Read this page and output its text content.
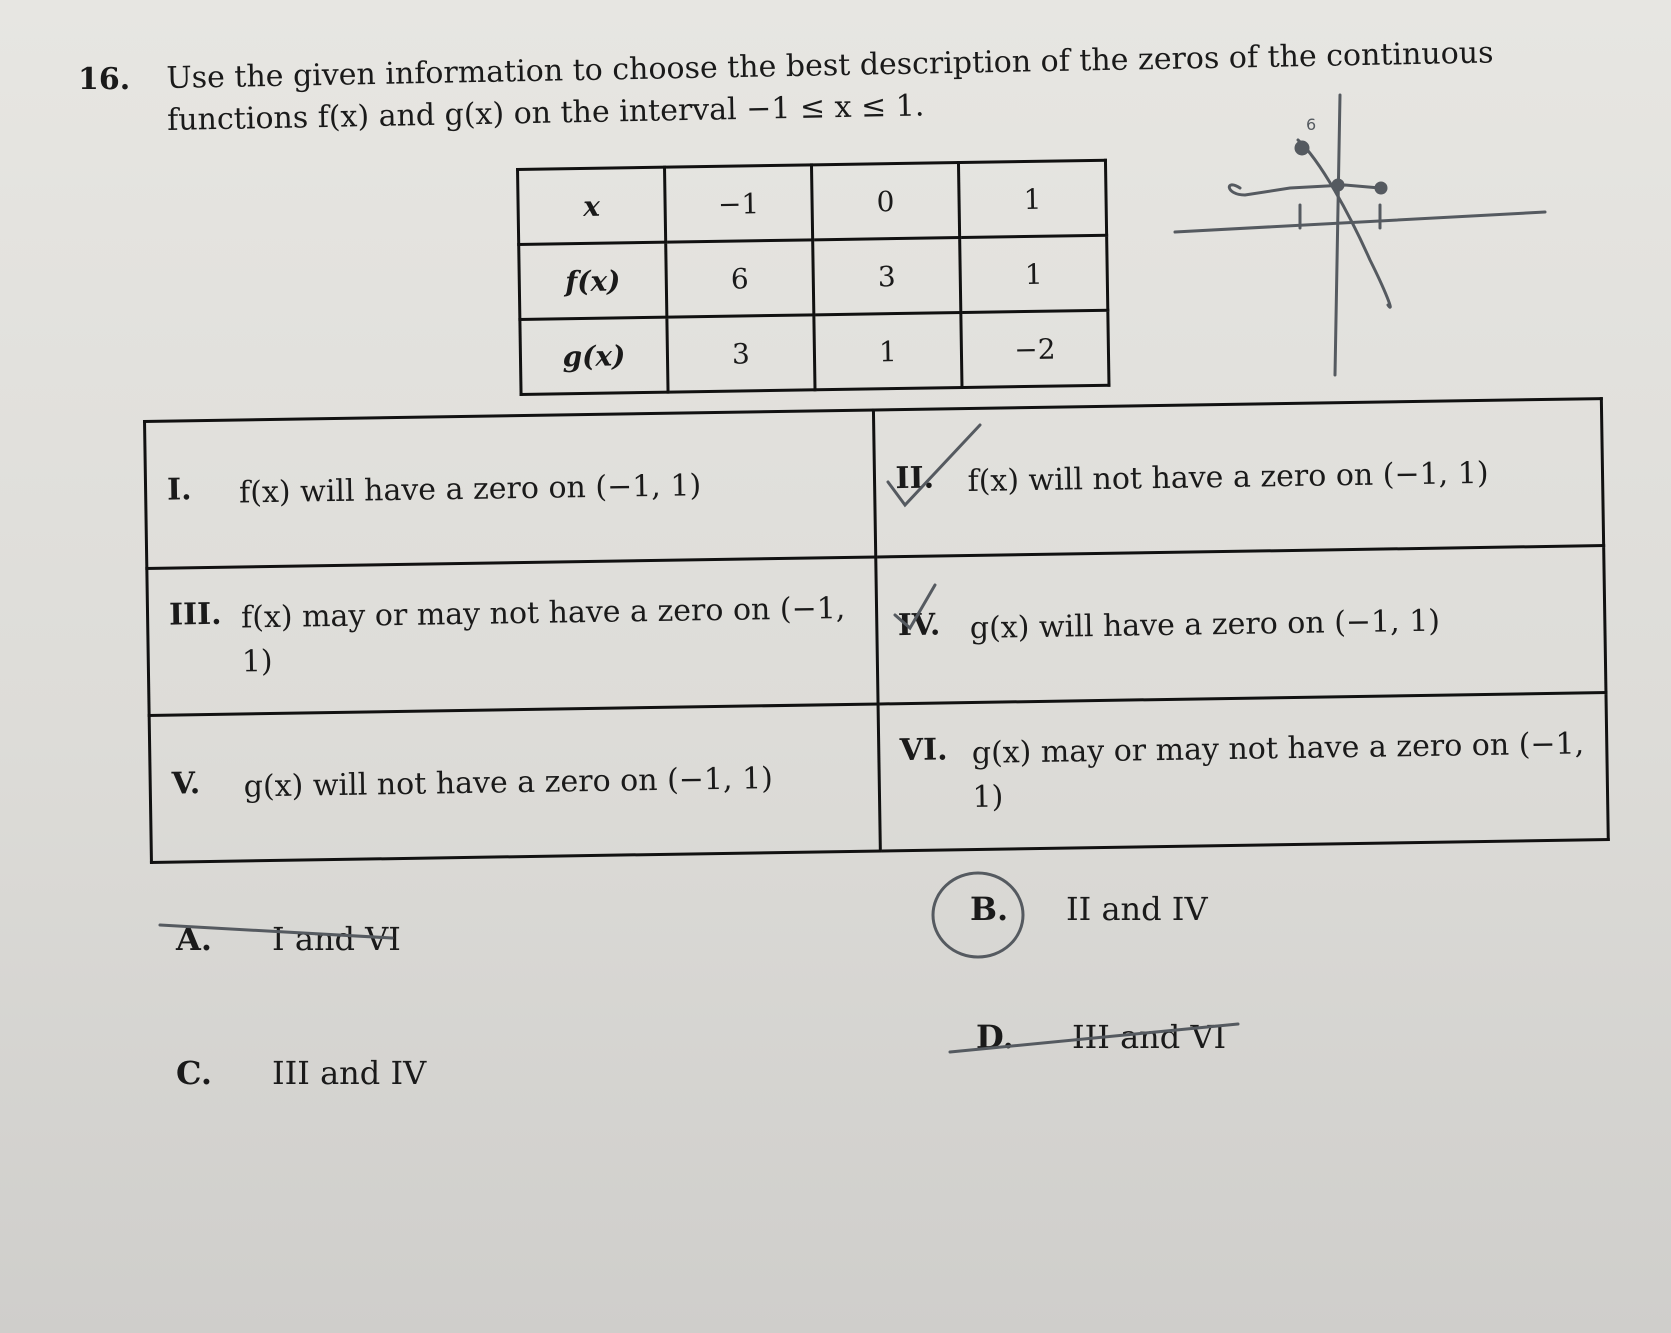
16. Use the given information to choose the best description of the zeros of the continuous
functions f(x) and g(x) on the interval −1 ≤ x ≤ 1.
x	−1	0	1
f(x)	6	3	1
g(x)	3	1	−2
I. f(x) will have a zero on (−1, 1)	II. f(x) will not have a zero on (−1, 1)

III. f(x) may or may not have a zero on (−1, 1)	IV. g(x) will have a zero on (−1, 1)

V. g(x) will not have a zero on (−1, 1)	VI. g(x) may or may not have a zero on (−1, 1)
A.	I and VI
B.	II and IV
C.	III and IV
D.	III and VI
6
